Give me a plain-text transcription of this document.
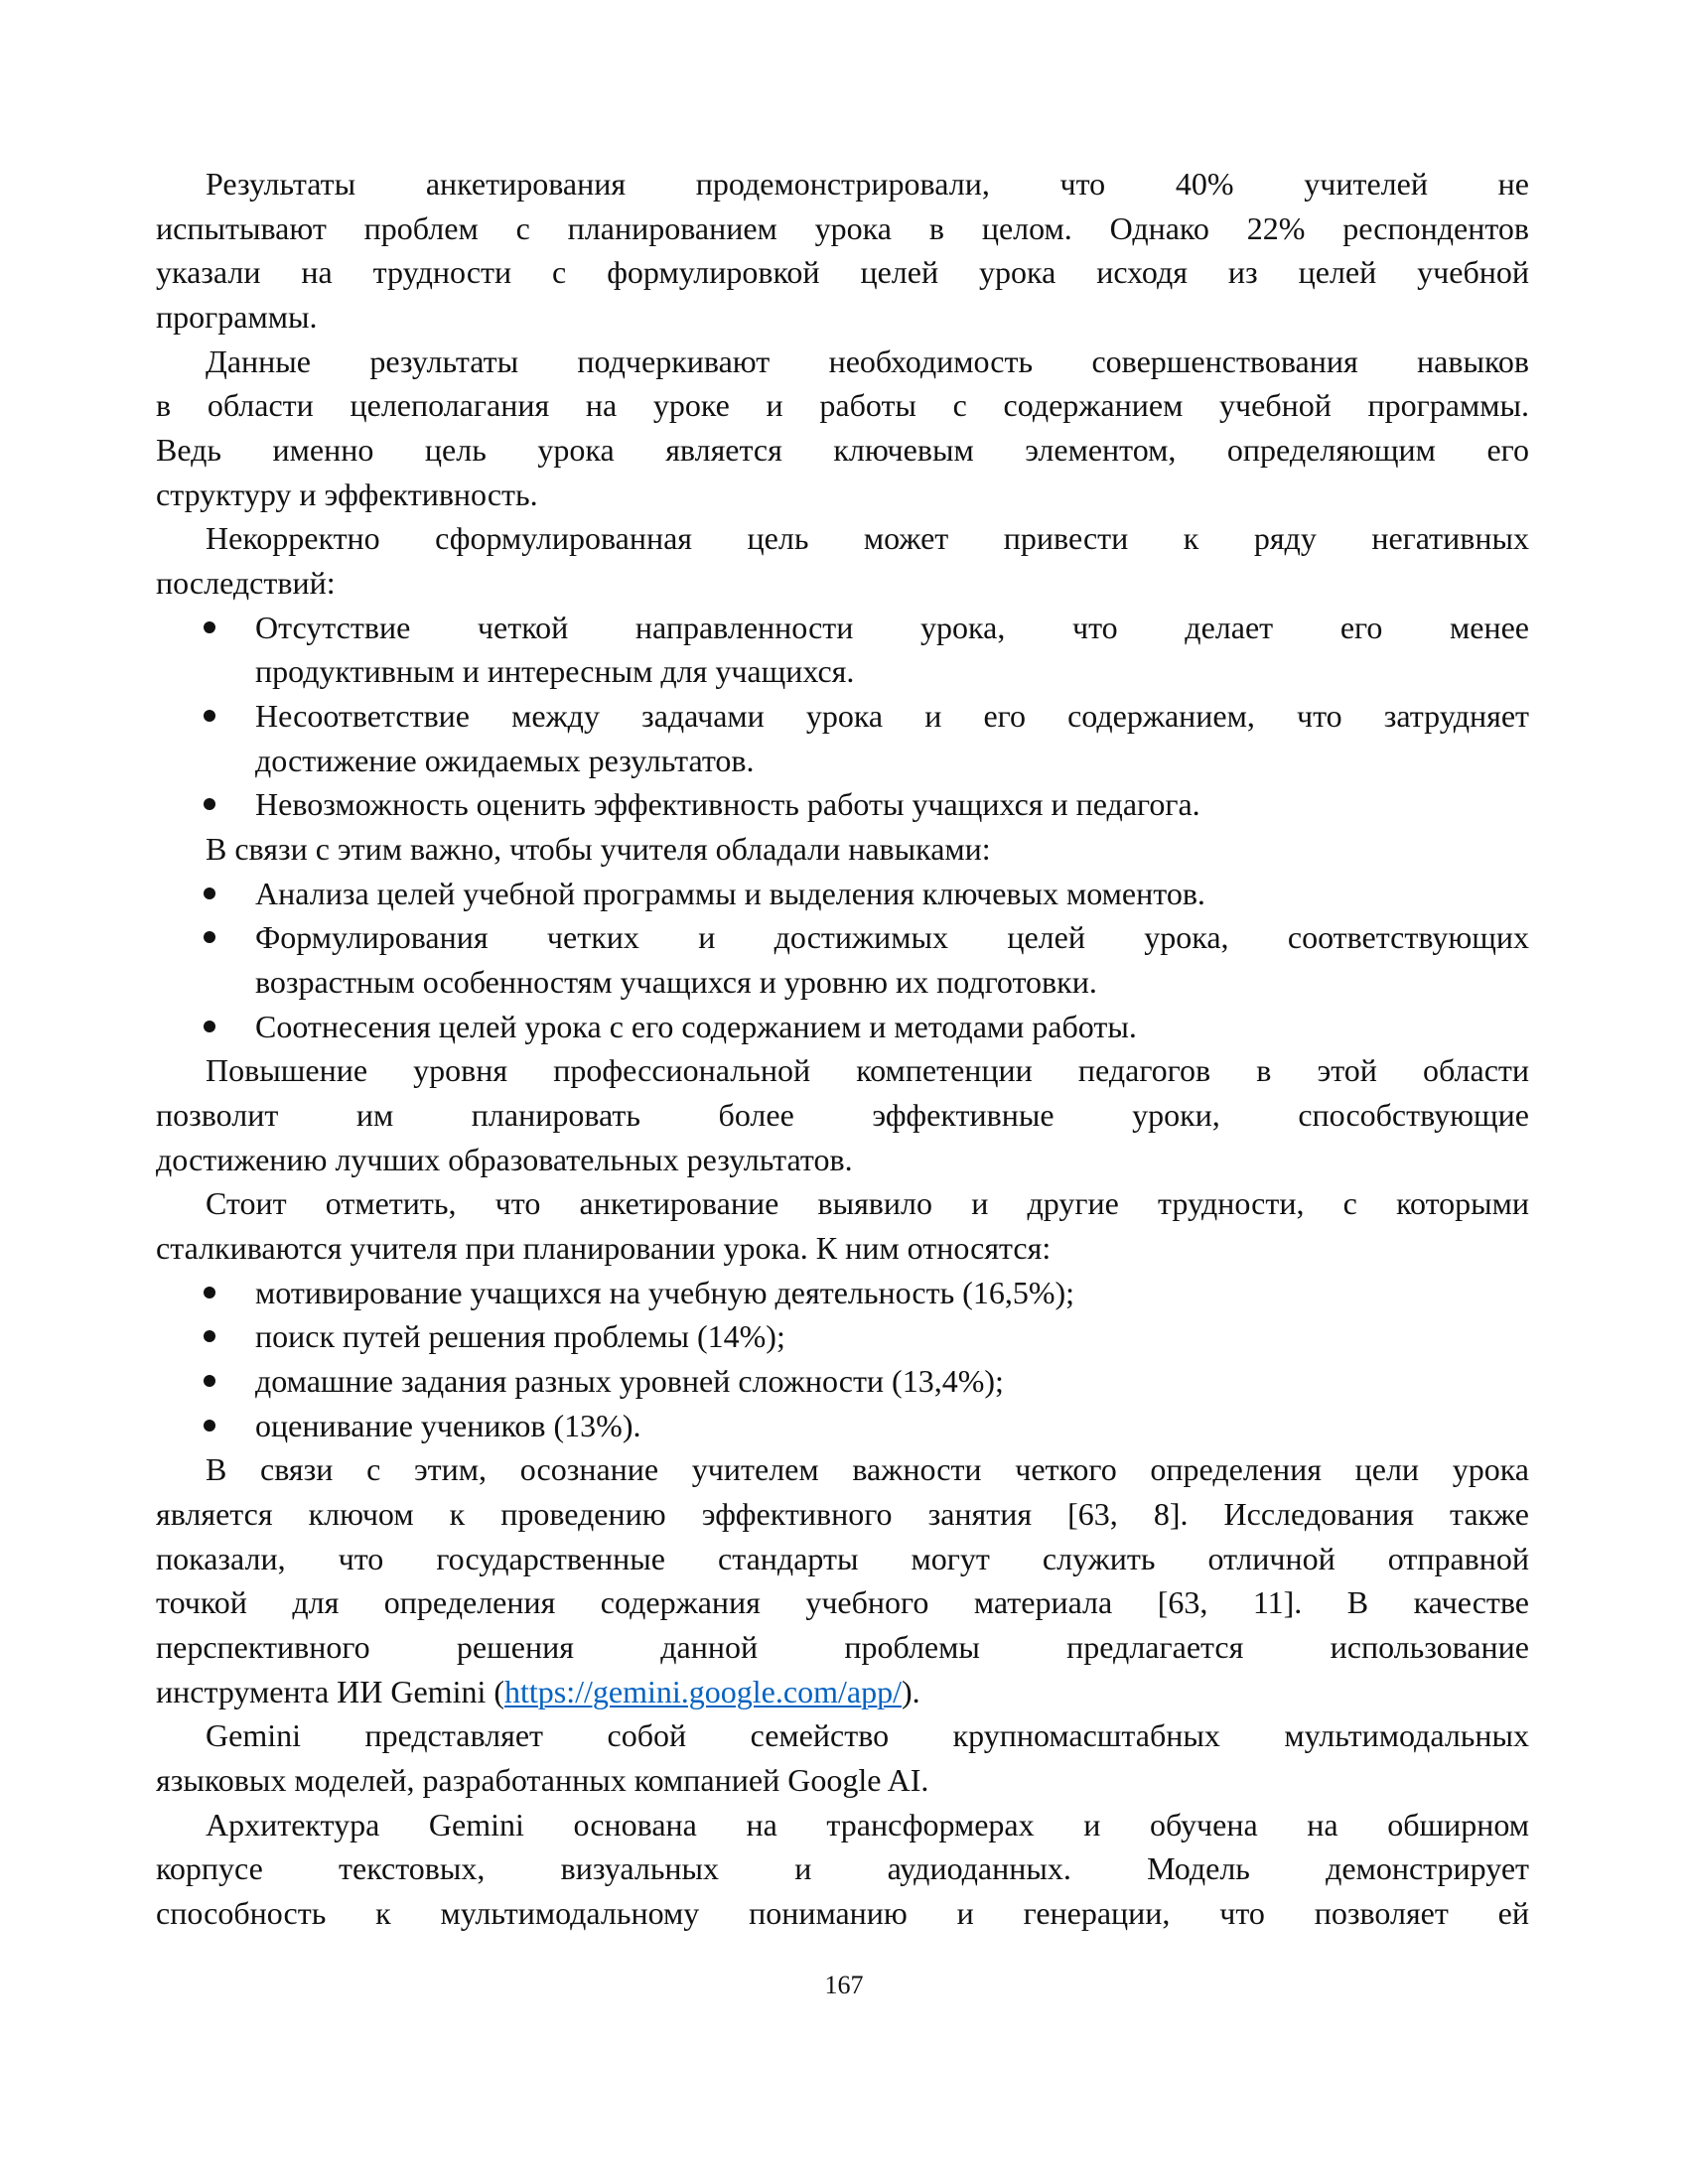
Результаты анкетирования продемонстрировали, что 40% учителей не
испытывают проблем с планированием урока в целом. Однако 22% респондентов
указали на трудности с формулировкой целей урока исходя из целей учебной
программы.
Данные результаты подчеркивают необходимость совершенствования навыков
в области целеполагания на уроке и работы с содержанием учебной программы.
Ведь именно цель урока является ключевым элементом, определяющим его
структуру и эффективность.
Некорректно сформулированная цель может привести к ряду негативных
последствий:
Отсутствие четкой направленности урока, что делает его менее
продуктивным и интересным для учащихся.
Несоответствие между задачами урока и его содержанием, что затрудняет
достижение ожидаемых результатов.
Невозможность оценить эффективность работы учащихся и педагога.
В связи с этим важно, чтобы учителя обладали навыками:
Анализа целей учебной программы и выделения ключевых моментов.
Формулирования четких и достижимых целей урока, соответствующих
возрастным особенностям учащихся и уровню их подготовки.
Соотнесения целей урока с его содержанием и методами работы.
Повышение уровня профессиональной компетенции педагогов в этой области
позволит им планировать более эффективные уроки, способствующие
достижению лучших образовательных результатов.
Стоит отметить, что анкетирование выявило и другие трудности, с которыми
сталкиваются учителя при планировании урока. К ним относятся:
мотивирование учащихся на учебную деятельность (16,5%);
поиск путей решения проблемы (14%);
домашние задания разных уровней сложности (13,4%);
оценивание учеников (13%).
В связи с этим, осознание учителем важности четкого определения цели урока
является ключом к проведению эффективного занятия [63, 8]. Исследования также
показали, что государственные стандарты могут служить отличной отправной
точкой для определения содержания учебного материала [63, 11]. В качестве
перспективного решения данной проблемы предлагается использование
инструмента ИИ Gemini (https://gemini.google.com/app/).
Gemini представляет собой семейство крупномасштабных мультимодальных
языковых моделей, разработанных компанией Google AI.
Архитектура Gemini основана на трансформерах и обучена на обширном
корпусе текстовых, визуальных и аудиоданных. Модель демонстрирует
способность к мультимодальному пониманию и генерации, что позволяет ей
167
